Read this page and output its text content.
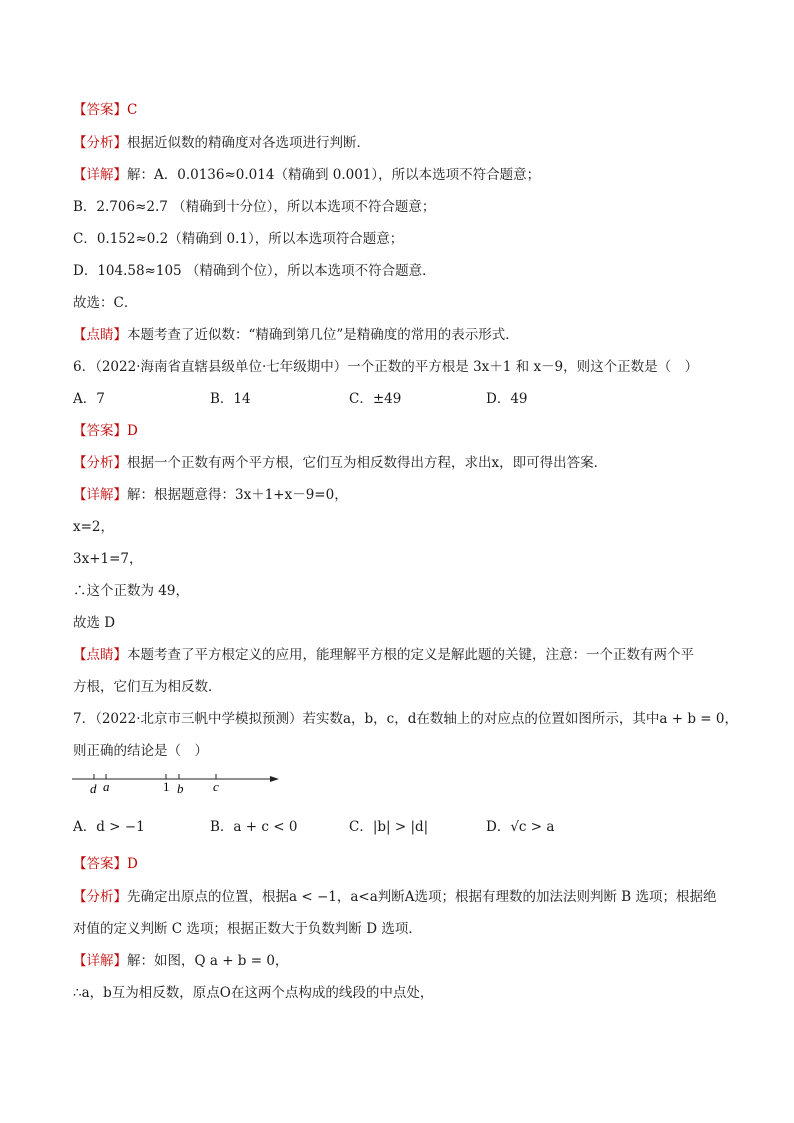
【答案】C
【分析】根据近似数的精确度对各选项进行判断．
【详解】解：A．0.0136≈0.014（精确到 0.001），所以本选项不符合题意；
B．2.706≈2.7 （精确到十分位），所以本选项不符合题意；
C．0.152≈0.2（精确到 0.1），所以本选项符合题意；
D．104.58≈105 （精确到个位），所以本选项不符合题意．
故选：C．
【点睛】本题考查了近似数：“精确到第几位”是精确度的常用的表示形式．
6．（2022·海南省直辖县级单位·七年级期中）一个正数的平方根是 3x＋1 和 x－9，则这个正数是（　）
A．7	B．14	C．±49	D．49
【答案】D
【分析】根据一个正数有两个平方根，它们互为相反数得出方程，求出x，即可得出答案．
【详解】解：根据题意得：3x＋1+x－9=0，
x=2，
3x+1=7，
∴这个正数为 49，
故选 D
【点睛】本题考查了平方根定义的应用，能理解平方根的定义是解此题的关键，注意：一个正数有两个平
方根，它们互为相反数．
7．（2022·北京市三帆中学模拟预测）若实数a，b，c，d在数轴上的对应点的位置如图所示，其中a + b = 0，
则正确的结论是（　）
d a	1 b c
A．d > −1	B．a + c < 0	C．|b| > |d|	D．√c > a
【答案】D
【分析】先确定出原点的位置，根据a < −1，a<a判断A选项；根据有理数的加法法则判断 B 选项；根据绝
对值的定义判断 C 选项；根据正数大于负数判断 D 选项．
【详解】解：如图，Q a + b = 0，
∴a，b互为相反数，原点O在这两个点构成的线段的中点处，
